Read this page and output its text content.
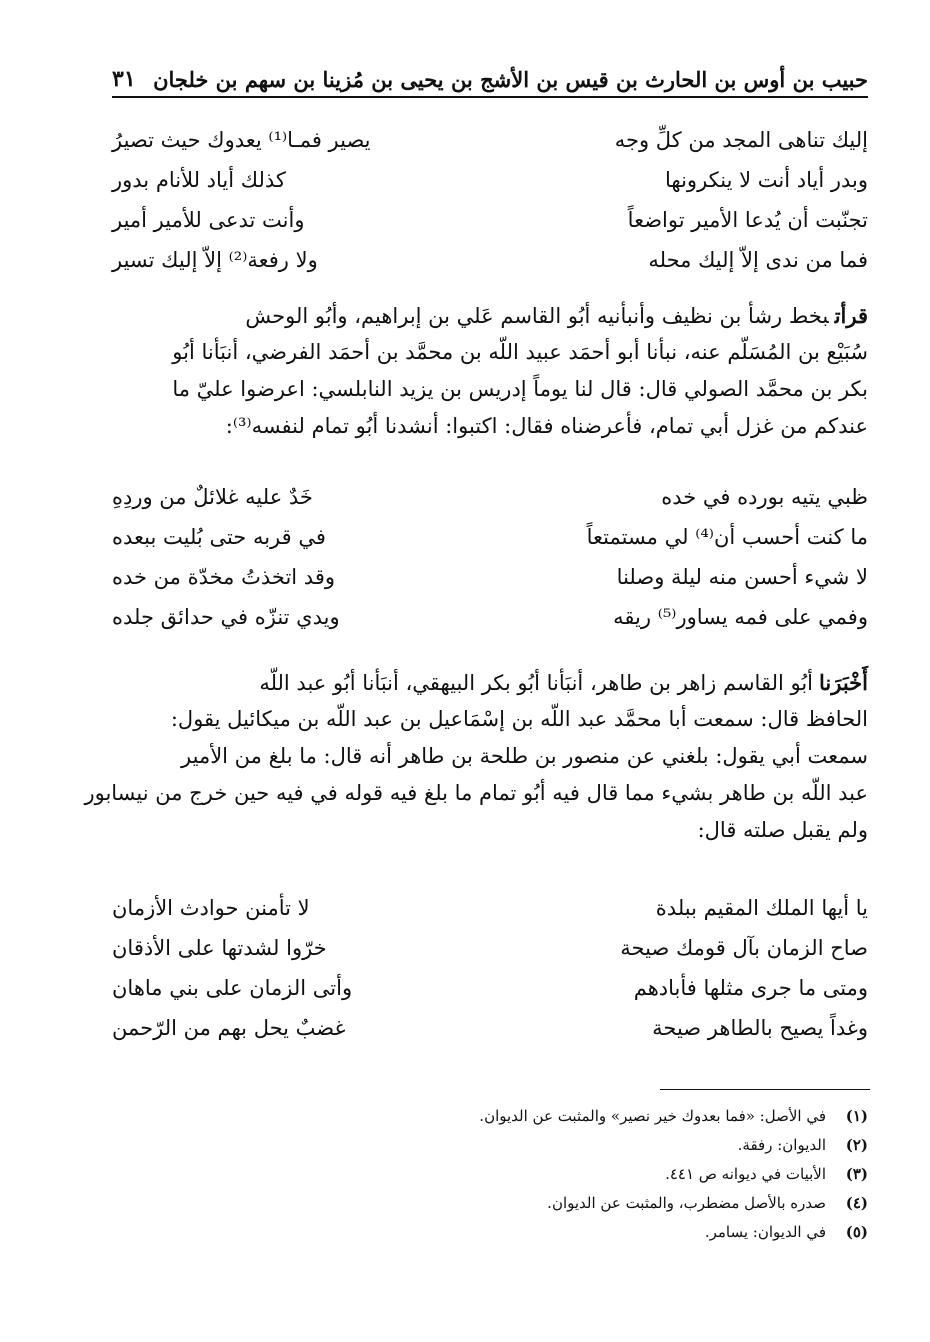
حبيب بن أوس بن الحارث بن قيس بن الأشج بن يحيى بن مُزينا بن سهم بن خلجان
٣١
إليك تناهى المجد من كلِّ وجه
يصير فمـا⁽¹⁾ يعدوك حيث تصيرُ
وبدر أياد أنت لا ينكرونها
كذلك أياد للأنام بدور
تجنّبت أن يُدعا الأمير تواضعاً
وأنت تدعى للأمير أمير
فما من ندى إلاّ إليك محله
ولا رفعة⁽²⁾ إلاّ إليك تسير
قرأتبخط رشأ بن نظيف وأنبأنيه أبُو القاسم عَلي بن إبراهيم، وأبُو الوحش
سُبَيْع بن المُسَلّم عنه، نبأنا أبو أحمَد عبيد اللّه بن محمَّد بن أحمَد الفرضي، أنبَأنا أبُو
بكر بن محمَّد الصولي قال: قال لنا يوماً إدريس بن يزيد النابلسي: اعرضوا عليّ ما
عندكم من غزل أبي تمام، فأعرضناه فقال: اكتبوا: أنشدنا أبُو تمام لنفسه⁽³⁾:
ظبي يتيه بورده في خده
خَدٌ عليه غلائلٌ من وردِهِ
ما كنت أحسب أن⁽⁴⁾ لي مستمتعاً
في قربه حتى بُليت ببعده
لا شيء أحسن منه ليلة وصلنا
وقد اتخذتُ مخدّة من خده
وفمي على فمه يساور⁽⁵⁾ ريقه
ويدي تنزّه في حدائق جلده
أَخْبَرَناأبُو القاسم زاهر بن طاهر، أنبَأنا أبُو بكر البيهقي، أنبَأنا أبُو عبد اللّه
الحافظ قال: سمعت أبا محمَّد عبد اللّه بن إسْمَاعيل بن عبد اللّه بن ميكائيل يقول:
سمعت أبي يقول: بلغني عن منصور بن طلحة بن طاهر أنه قال: ما بلغ من الأمير
عبد اللّه بن طاهر بشيء مما قال فيه أبُو تمام ما بلغ فيه قوله في فيه حين خرج من نيسابور
ولم يقبل صلته قال:
يا أيها الملك المقيم ببلدة
لا تأمنن حوادث الأزمان
صاح الزمان بآل قومك صيحة
خرّوا لشدتها على الأذقان
ومتى ما جرى مثلها فأبادهم
وأتى الزمان على بني ماهان
وغداً يصيح بالطاهر صيحة
غضبٌ يحل بهم من الرّحمن
(١)في الأصل: «فما بعدوك خير نصير» والمثبت عن الديوان.
(٢)الديوان: رفقة.
(٣)الأبيات في ديوانه ص ٤٤١.
(٤)صدره بالأصل مضطرب، والمثبت عن الديوان.
(٥)في الديوان: يسامر.
